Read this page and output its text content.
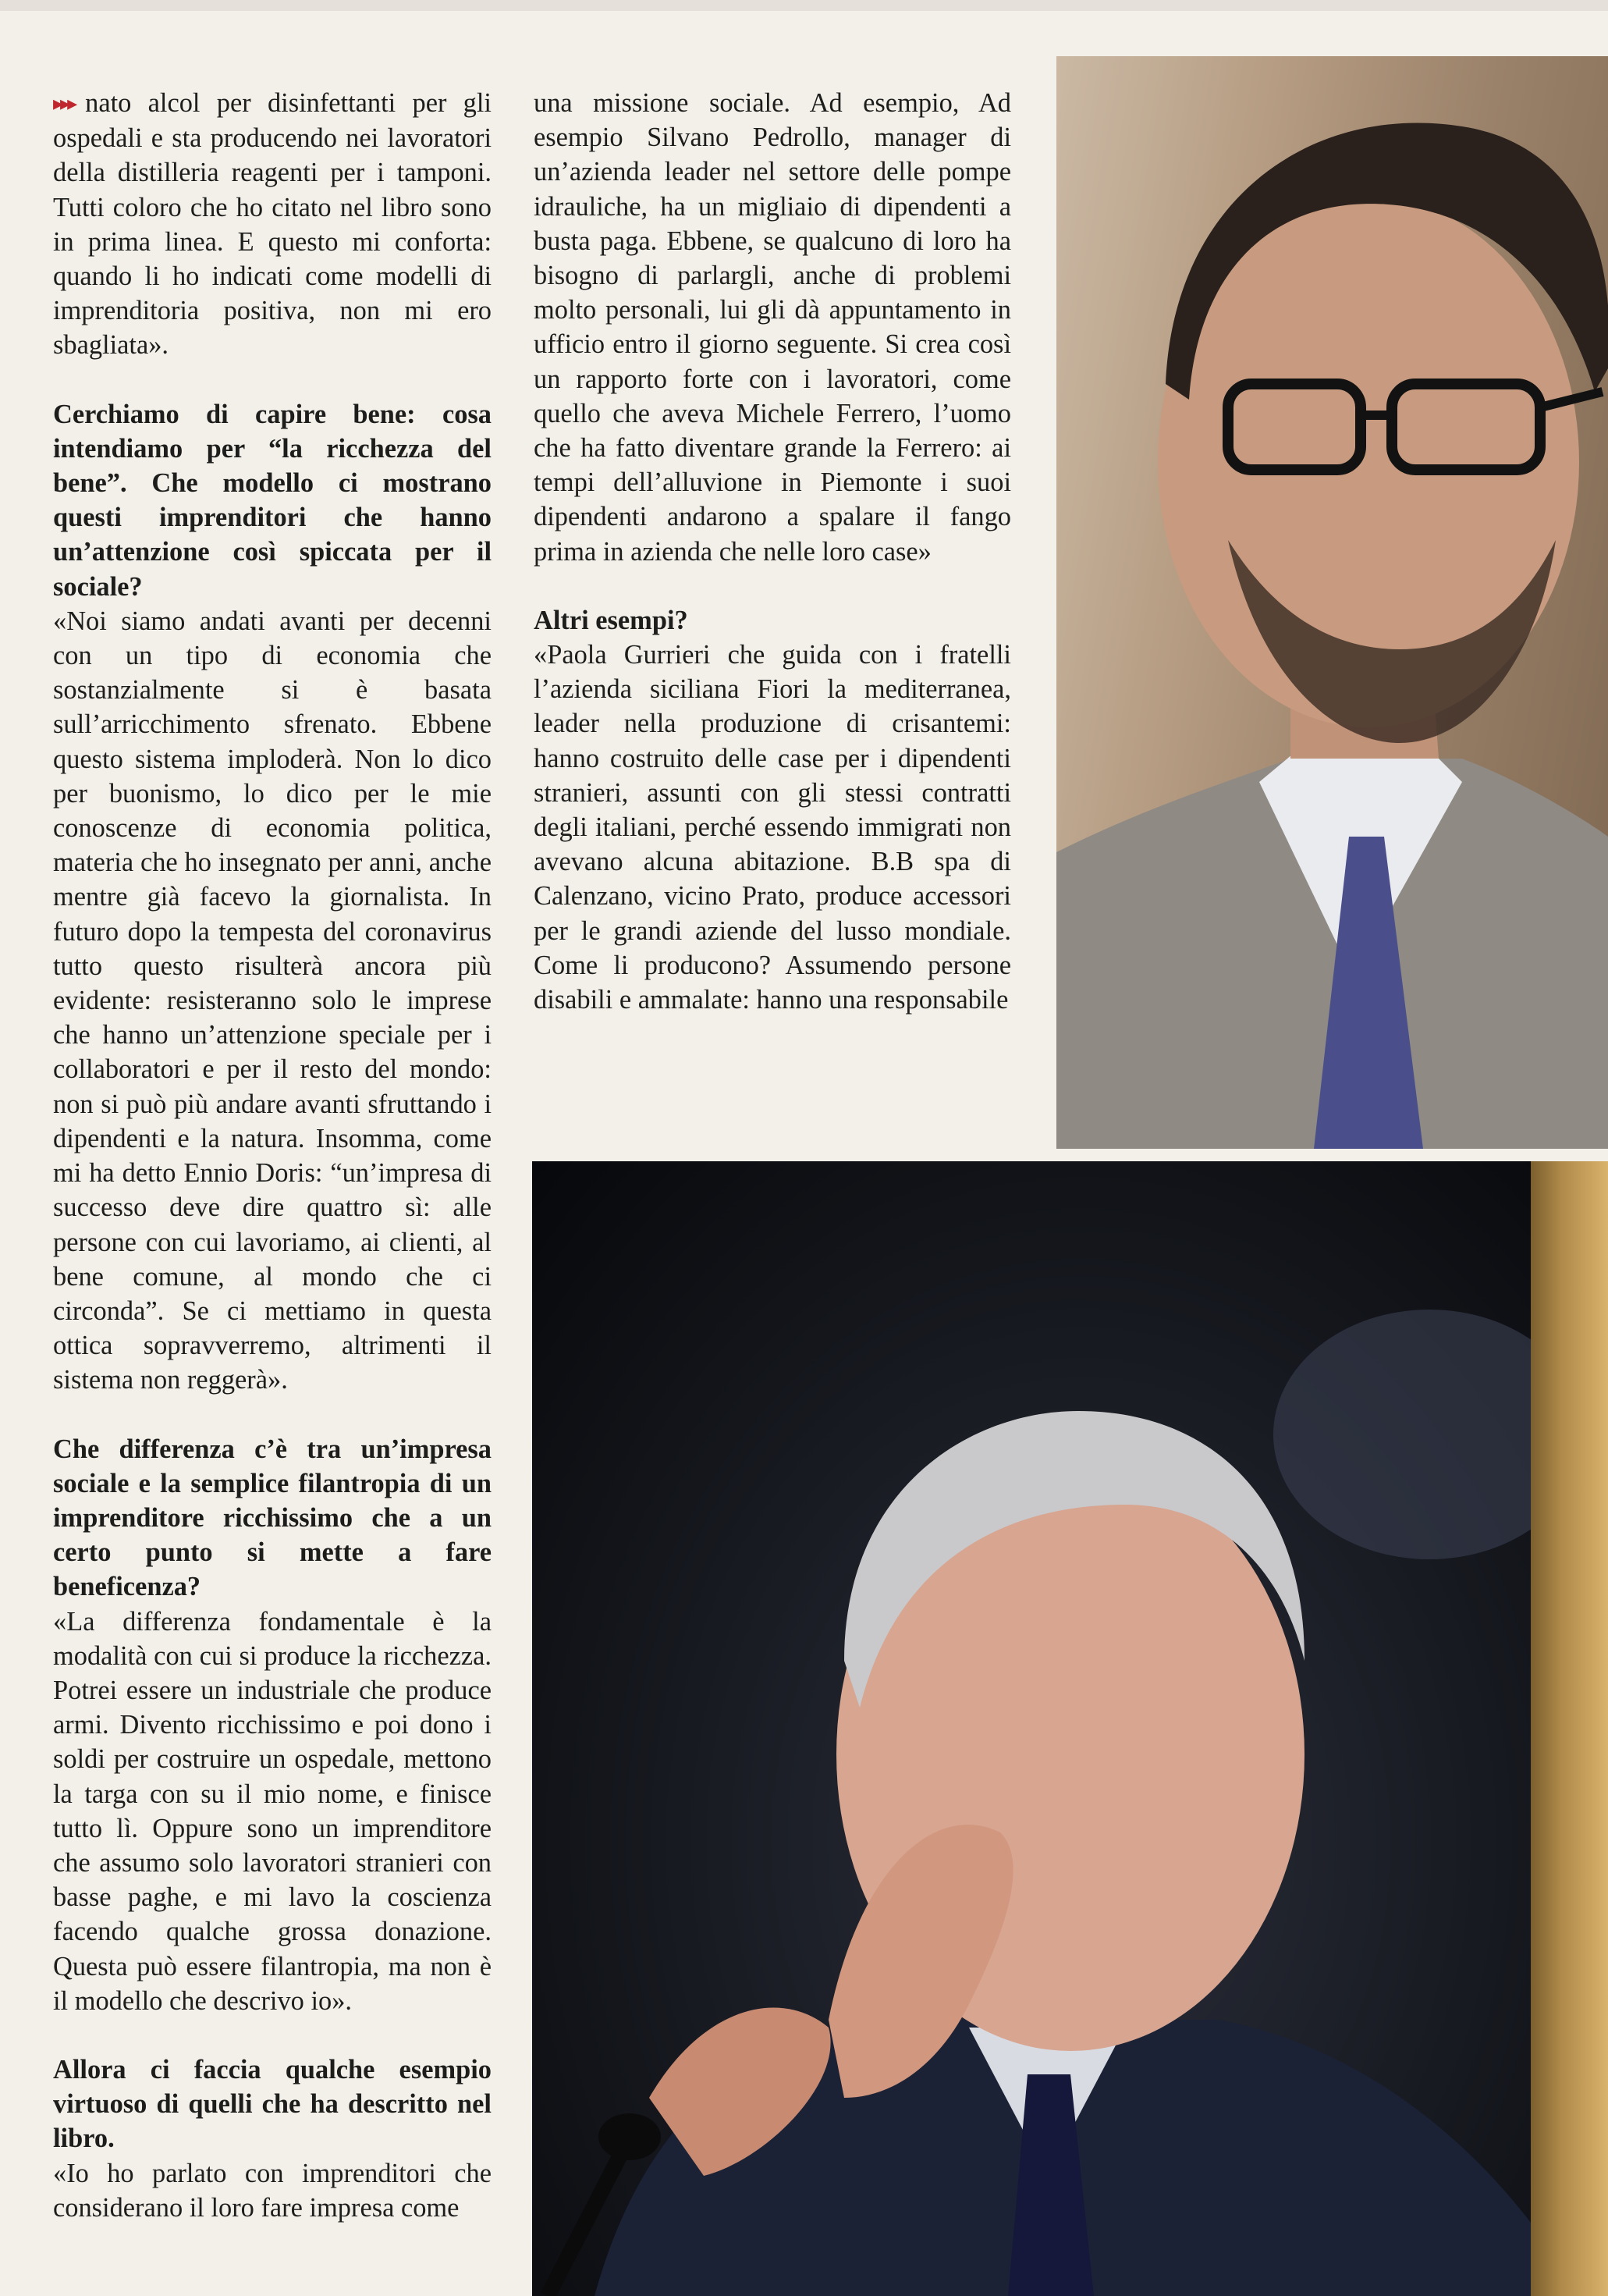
▸▸▸ nato alcol per disinfettanti per gli ospedali e sta producendo nei lavoratori della distilleria reagenti per i tamponi. Tutti coloro che ho citato nel libro sono in prima linea. E questo mi conforta: quando li ho indicati come modelli di imprenditoria positiva, non mi ero sbagliata».

Cerchiamo di capire bene: cosa intendiamo per “la ricchezza del bene”. Che modello ci mostrano questi imprenditori che hanno un’attenzione così spiccata per il sociale?

«Noi siamo andati avanti per decenni con un tipo di economia che sostanzialmente si è basata sull’arricchimento sfrenato. Ebbene questo sistema imploderà. Non lo dico per buonismo, lo dico per le mie conoscenze di economia politica, materia che ho insegnato per anni, anche mentre già facevo la giornalista. In futuro dopo la tempesta del coronavirus tutto questo risulterà ancora più evidente: resisteranno solo le imprese che hanno un’attenzione speciale per i collaboratori e per il resto del mondo: non si può più andare avanti sfruttando i dipendenti e la natura. Insomma, come mi ha detto Ennio Doris: “un’impresa di successo deve dire quattro sì: alle persone con cui lavoriamo, ai clienti, al bene comune, al mondo che ci circonda”. Se ci mettiamo in questa ottica sopravverremo, altrimenti il sistema non reggerà».

Che differenza c’è tra un’impresa sociale e la semplice filantropia di un imprenditore ricchissimo che a un certo punto si mette a fare beneficenza?

«La differenza fondamentale è la modalità con cui si produce la ricchezza. Potrei essere un industriale che produce armi. Divento ricchissimo e poi dono i soldi per costruire un ospedale, mettono la targa con su il mio nome, e finisce tutto lì. Oppure sono un imprenditore che assumo solo lavoratori stranieri con basse paghe, e mi lavo la coscienza facendo qualche grossa donazione. Questa può essere filantropia, ma non è il modello che descrivo io».

Allora ci faccia qualche esempio virtuoso di quelli che ha descritto nel libro.

«Io ho parlato con imprenditori che considerano il loro fare impresa come

una missione sociale. Ad esempio, Ad esempio Silvano Pedrollo, manager di un’azienda leader nel settore delle pompe idrauliche, ha un migliaio di dipendenti a busta paga. Ebbene, se qualcuno di loro ha bisogno di parlargli, anche di problemi molto personali, lui gli dà appuntamento in ufficio entro il giorno seguente. Si crea così un rapporto forte con i lavoratori, come quello che aveva Michele Ferrero, l’uomo che ha fatto diventare grande la Ferrero: ai tempi dell’alluvione in Piemonte i suoi dipendenti andarono a spalare il fango prima in azienda che nelle loro case»

Altri esempi?

«Paola Gurrieri che guida con i fratelli l’azienda siciliana Fiori la mediterranea, leader nella produzione di crisantemi: hanno costruito delle case per i dipendenti stranieri, assunti con gli stessi contratti degli italiani, perché essendo immigrati non avevano alcuna abitazione. B.B spa di Calenzano, vicino Prato, produce accessori per le grandi aziende del lusso mondiale. Come li producono? Assumendo persone disabili e ammalate: hanno una responsabile
